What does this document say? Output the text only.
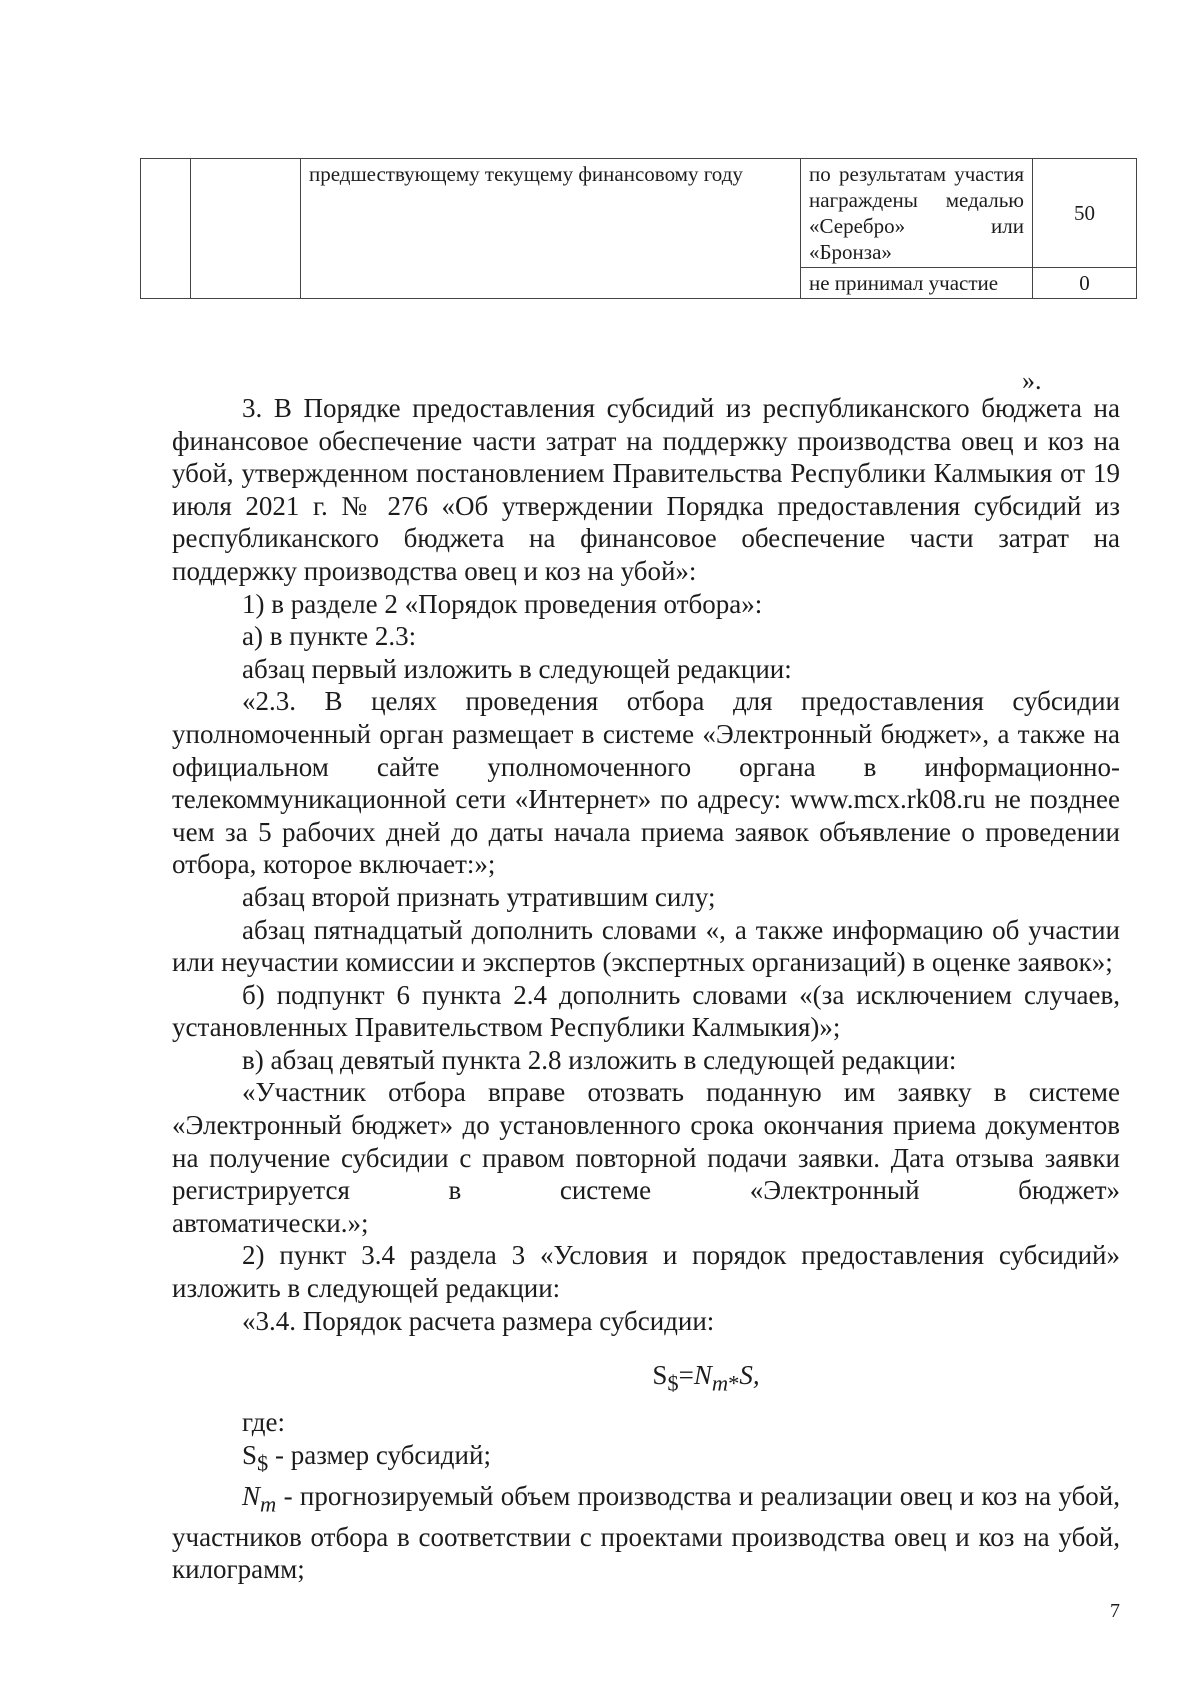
		предшествующему текущему финансовому году	по результатам участия награждены медалью «Серебро» или «Бронза»	50
			не принимал участие	0
».

3. В Порядке предоставления субсидий из республиканского бюджета на финансовое обеспечение части затрат на поддержку производства овец и коз на убой, утвержденном постановлением Правительства Республики Калмыкия от 19 июля 2021 г. № 276 «Об утверждении Порядка предоставления субсидий из республиканского бюджета на финансовое обеспечение части затрат на поддержку производства овец и коз на убой»:

1) в разделе 2 «Порядок проведения отбора»:

а) в пункте 2.3:

абзац первый изложить в следующей редакции:

«2.3. В целях проведения отбора для предоставления субсидии уполномоченный орган размещает в системе «Электронный бюджет», а также на официальном сайте уполномоченного органа в информационно-телекоммуникационной сети «Интернет» по адресу: www.mcx.rk08.ru не позднее чем за 5 рабочих дней до даты начала приема заявок объявление о проведении отбора, которое включает:»;

абзац второй признать утратившим силу;

абзац пятнадцатый дополнить словами «, а также информацию об участии или неучастии комиссии и экспертов (экспертных организаций) в оценке заявок»;

б) подпункт 6 пункта 2.4 дополнить словами «(за исключением случаев, установленных Правительством Республики Калмыкия)»;

в) абзац девятый пункта 2.8 изложить в следующей редакции:

«Участник отбора вправе отозвать поданную им заявку в системе «Электронный бюджет» до установленного срока окончания приема документов на получение субсидии с правом повторной подачи заявки. Дата отзыва заявки регистрируется в системе «Электронный бюджет»

автоматически.»;

2) пункт 3.4 раздела 3 «Условия и порядок предоставления субсидий» изложить в следующей редакции:

«3.4. Порядок расчета размера субсидии:

$S_{\$}=N_{m*}S$,

где:

$S_{\$}$ - размер субсидий;

$N_m$ - прогнозируемый объем производства и реализации овец и коз на убой, участников отбора в соответствии с проектами производства овец и коз на убой, килограмм;

7
